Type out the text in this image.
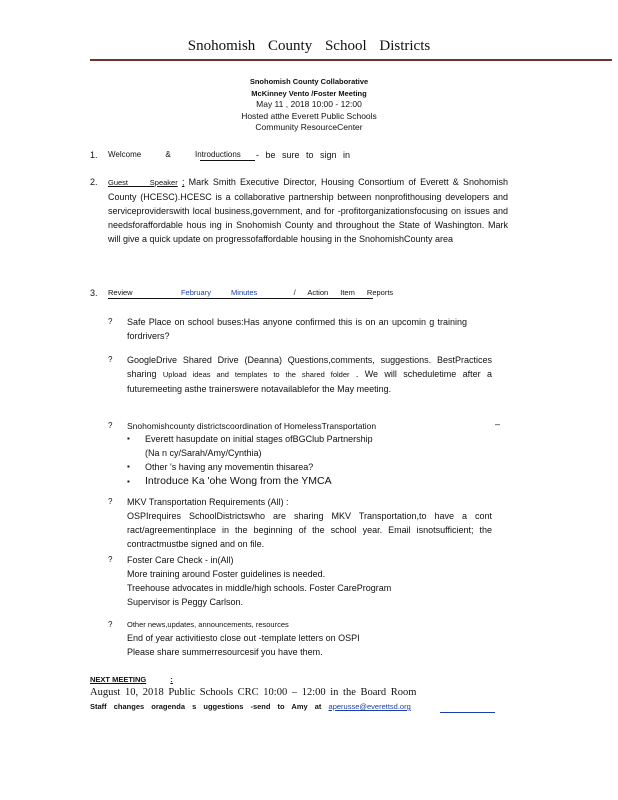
Snohomish County School Districts
Snohomish County Collaborative
McKinney Vento /Foster Meeting
May 11 , 2018 10:00 - 12:00
Hosted atthe Everett Public Schools
Community ResourceCenter
1. Welcome & Introductions	- be sure to sign in
2. Guest Speaker ; Mark Smith Executive Director, Housing Consortium of Everett & Snohomish County (HCESC).HCESC is a collaborative partnership between nonprofithousing developers and serviceproviderswith local business,government, and for -profitorganizationsfocusing on issues and needsforaffordable hous ing in Snohomish County and throughout the State of Washington. Mark will give a quick update on progressofaffordable housing in the SnohomishCounty area
3. Review	February Minutes	/ Action Item Reports
? Safe Place on school buses:Has anyone confirmed this is on an upcomin g training fordrivers?
? GoogleDrive Shared Drive (Deanna) Questions,comments, suggestions. BestPractices sharing Upload ideas and templates to the shared folder . We will scheduletime after a futuremeeting asthe trainerswere notavailablefor the May meeting.
? Snohomishcounty districtscoordination of HomelessTransportation	–
▪ Everett hasupdate on initial stages ofBGClub Partnership
(Na n cy/Sarah/Amy/Cynthia)
▪ Other 's having any movementin thisarea?
▪ Introduce Ka 'ohe Wong from the YMCA
? MKV Transportation Requirements (All) :
OSPIrequires SchoolDistrictswho are sharing MKV Transportation,to have a cont ract/agreementinplace in the beginning of the school year. Email isnotsufficient; the contractmustbe signed and on file.
? Foster Care Check - in(All)
More training around Foster guidelines is needed.
Treehouse advocates in middle/high schools. Foster CareProgram
Supervisor is Peggy Carlson.
? Other news,updates, announcements, resources
End of year activitiesto close out -template letters on OSPI
Please share summerresourcesif you have them.
NEXT MEETING	:
August 10, 2018 Public Schools CRC 10:00 – 12:00 in the Board Room
Staff changes oragenda s uggestions -send to Amy at aperusse@everettsd.org
